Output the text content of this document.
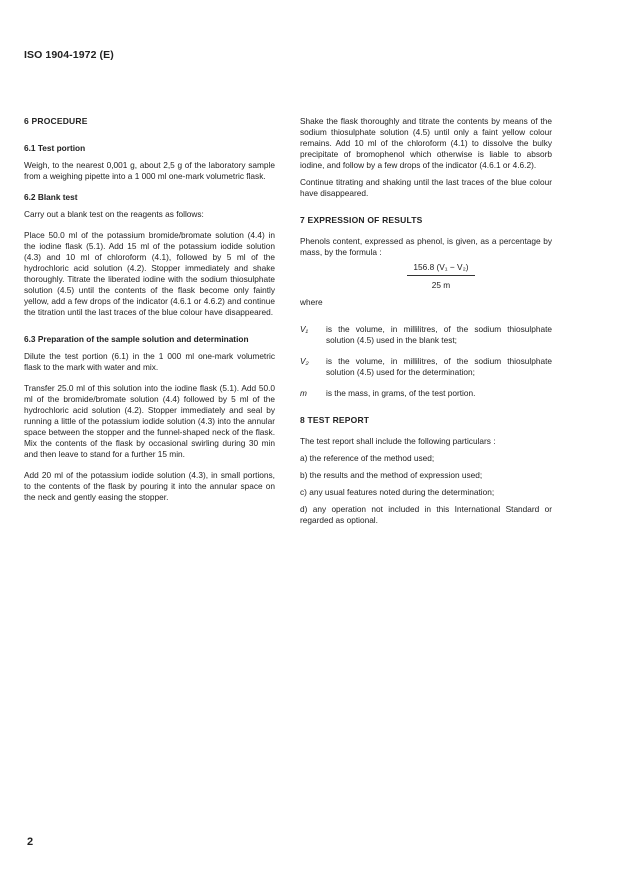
ISO 1904-1972 (E)

6 PROCEDURE

6.1 Test portion

Weigh, to the nearest 0,001 g, about 2,5 g of the laboratory sample from a weighing pipette into a 1 000 ml one-mark volumetric flask.

6.2 Blank test

Carry out a blank test on the reagents as follows:

Place 50.0 ml of the potassium bromide/bromate solution (4.4) in the iodine flask (5.1). Add 15 ml of the potassium iodide solution (4.3) and 10 ml of chloroform (4.1), followed by 5 ml of the hydrochloric acid solution (4.2). Stopper immediately and shake thoroughly. Titrate the liberated iodine with the sodium thiosulphate solution (4.5) until the contents of the flask become only faintly yellow, add a few drops of the indicator (4.6.1 or 4.6.2) and continue the titration until the last traces of the blue colour have disappeared.

6.3 Preparation of the sample solution and determination

Dilute the test portion (6.1) in the 1 000 ml one-mark volumetric flask to the mark with water and mix.

Transfer 25.0 ml of this solution into the iodine flask (5.1). Add 50.0 ml of the bromide/bromate solution (4.4) followed by 5 ml of the hydrochloric acid solution (4.2). Stopper immediately and seal by running a little of the potassium iodide solution (4.3) into the annular space between the stopper and the funnel-shaped neck of the flask. Mix the contents of the flask by occasional swirling during 30 min and then leave to stand for a further 15 min.

Add 20 ml of the potassium iodide solution (4.3), in small portions, to the contents of the flask by pouring it into the annular space on the neck and gently easing the stopper.

Shake the flask thoroughly and titrate the contents by means of the sodium thiosulphate solution (4.5) until only a faint yellow colour remains. Add 10 ml of the chloroform (4.1) to dissolve the bulky precipitate of bromophenol which otherwise is liable to absorb iodine, and follow by a few drops of the indicator (4.6.1 or 4.6.2).

Continue titrating and shaking until the last traces of the blue colour have disappeared.

7 EXPRESSION OF RESULTS

Phenols content, expressed as phenol, is given, as a percentage by mass, by the formula :

156.8 (V₁ − V₂)
25 m

where

V₁	is the volume, in millilitres, of the sodium thiosulphate solution (4.5) used in the blank test;
V₂	is the volume, in millilitres, of the sodium thiosulphate solution (4.5) used for the determination;
m	is the mass, in grams, of the test portion.

8 TEST REPORT

The test report shall include the following particulars :

a) the reference of the method used;

b) the results and the method of expression used;

c) any usual features noted during the determination;

d) any operation not included in this International Standard or regarded as optional.

2
